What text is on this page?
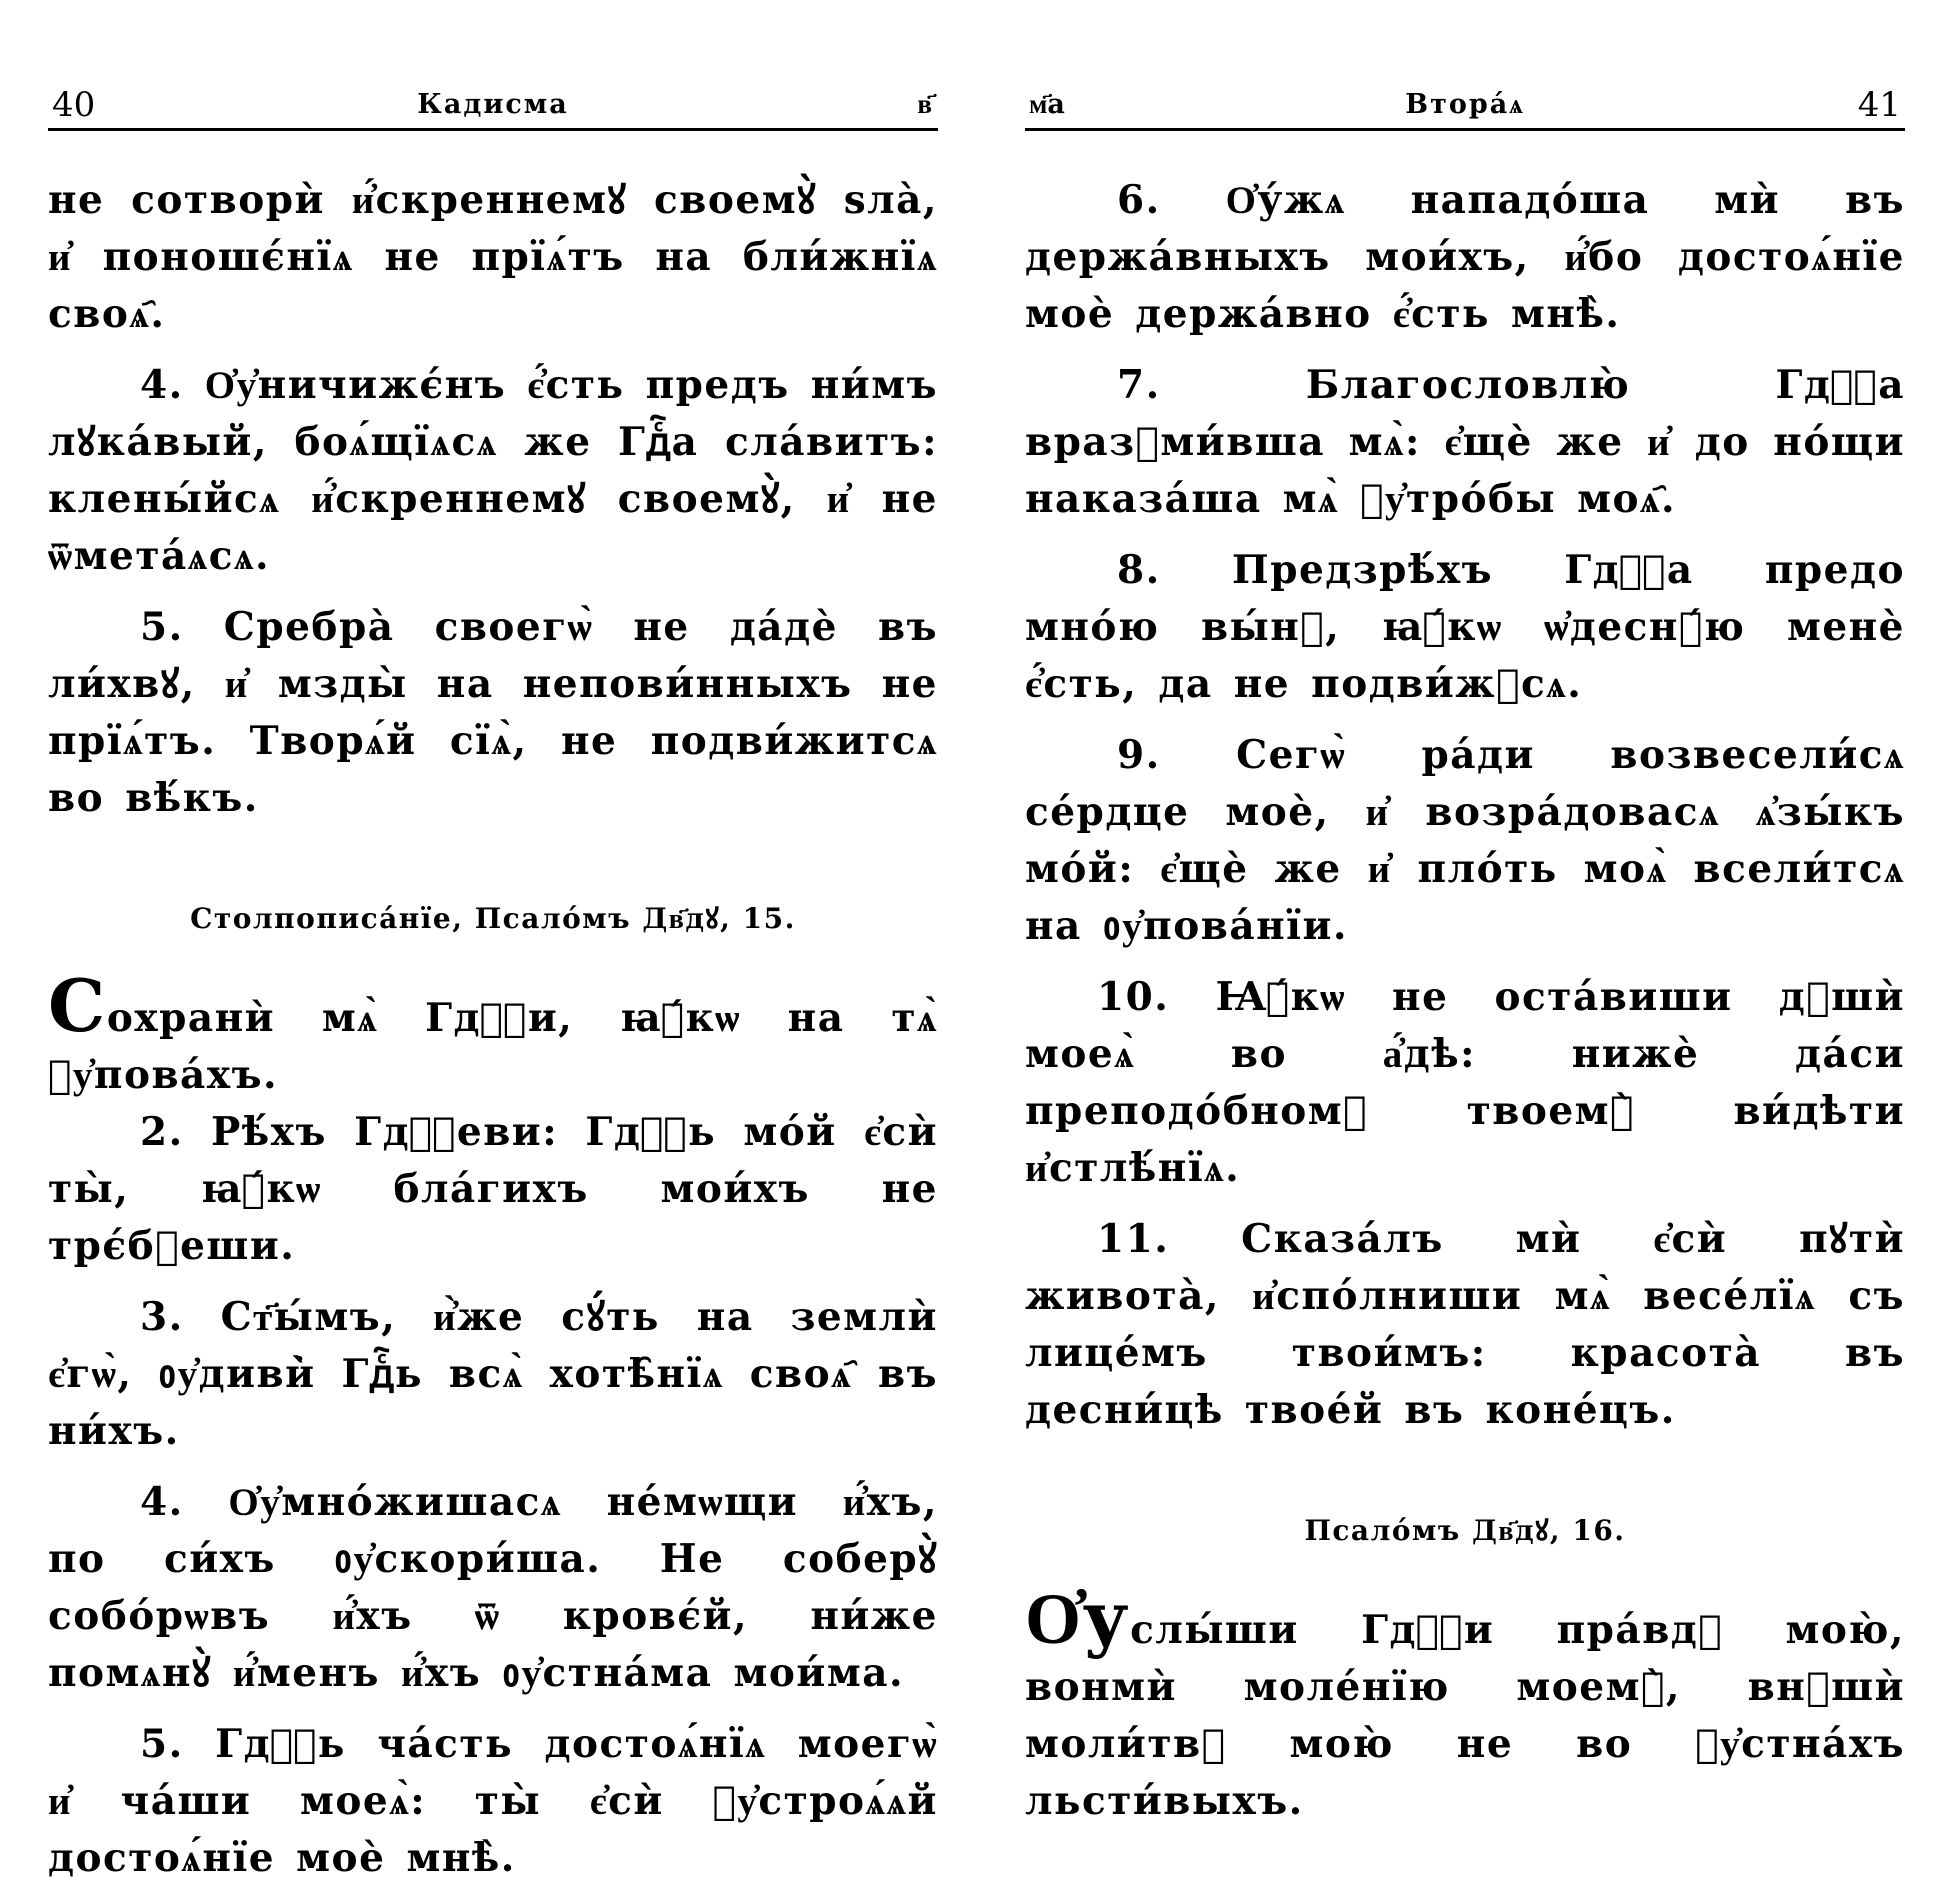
40	Кадисма	в҃

не сотворѝ и҆́скреннемꙋ своемꙋ̀ ѕла̀, и҆ поношє́нїѧ не прїѧ́тъ на бли́жнїѧ своѧ҄.

4. О҆у҆ничижє́нъ є҆́сть предъ ни́мъ лꙋка́вый, боѧ́щїѧсѧ же Гдⷭ҇а сла́витъ: клены́йсѧ и҆́скреннемꙋ своемꙋ̀, и҆ не ѿмета́ѧсѧ.

5. Сребра̀ своегѡ̀ не да́дѐ въ ли́хвꙋ, и҆ мзды̀ на непови́нныхъ не прїѧ́тъ. Творѧ́й сїѧ̀, не подви́житсѧ во вѣ́къ.

Столпописа́нїе, Псало́мъ Дв҃дꙋ, 15.

Сохранѝ мѧ̀ Гдⷭ҇и, ꙗ҆́кѡ на тѧ̀ ᲂу҆пова́хъ.

2. Рѣ́хъ Гдⷭ҇еви: Гдⷭ҇ь мо́й є҆сѝ ты̀, ꙗ҆́кѡ бла́гихъ мои́хъ не трє́бꙋеши.

3. Ст҃ы́мъ, и҆̀же сꙋ́ть на землѝ є҆гѡ̀, ᲂу҆диви̇̀ Гдⷭ҇ь всѧ̀ хотѣ̑нїѧ своѧ҄ въ ни́хъ.

4. О҆у҆мно́жишасѧ не́мѡщи и҆́хъ, по си́хъ ᲂу҆скори́ша. Не соберꙋ̀ собо́рѡвъ и҆́хъ ѿ кровє́й, ни́же помѧнꙋ̀ и҆́менъ и҆́хъ ᲂу҆стна́ма мои́ма.

5. Гдⷭ҇ь ча́сть достоѧ́нїѧ моегѡ̀ и҆ ча́ши моеѧ̀: ты̀ є҆сѝ ᲂу҆строѧ́ѧй достоѧ́нїе моѐ мнѣ̀.

м҃а	Втора́ѧ	41

6. О҆у́жѧ нападо́ша мѝ въ держа́вныхъ мои́хъ, и҆́бо достоѧ́нїе моѐ держа́вно є҆́сть мнѣ̀.

7. Благословлю̀ Гдⷭ҇а вразꙋми́вша мѧ̀: є҆щѐ же и҆ до но́щи наказа́ша мѧ̀ ᲂу҆тро́бы моѧ҄.

8. Предзрѣ́хъ Гдⷭ҇а предо мно́ю вы́нꙋ, ꙗ҆́кѡ ѡ҆деснꙋ́ю менѐ є҆́сть, да не подви́жꙋсѧ.

9. Сегѡ̀ ра́ди возвесели́сѧ се́рдце моѐ, и҆ возра́довасѧ ѧ҆зы́къ мо́й: є҆щѐ же и҆ пло́ть моѧ̀ всели́тсѧ на ᲂу҆пова́нїи.

10. Ꙗ҆́кѡ не оста́виши дꙋшѝ моеѧ̀ во а҆́дѣ: нижѐ да́си преподо́бномꙋ твоемꙋ̀ ви́дѣти и҆стлѣ́нїѧ.

11. Сказа́лъ мѝ є҆сѝ пꙋтѝ живота̀, и҆спо́лниши мѧ̀ весе́лїѧ съ лице́мъ твои́мъ: красота̀ въ десни́цѣ твое́й въ коне́цъ.

Псало́мъ Дв҃дꙋ, 16.

О҆услы́ши Гдⷭ҇и пра́вдꙋ мою̀, вонмѝ моле́нїю моемꙋ̀, внꙋшѝ моли́твꙋ мою̀ не во ᲂу҆стна́хъ льсти́выхъ.
